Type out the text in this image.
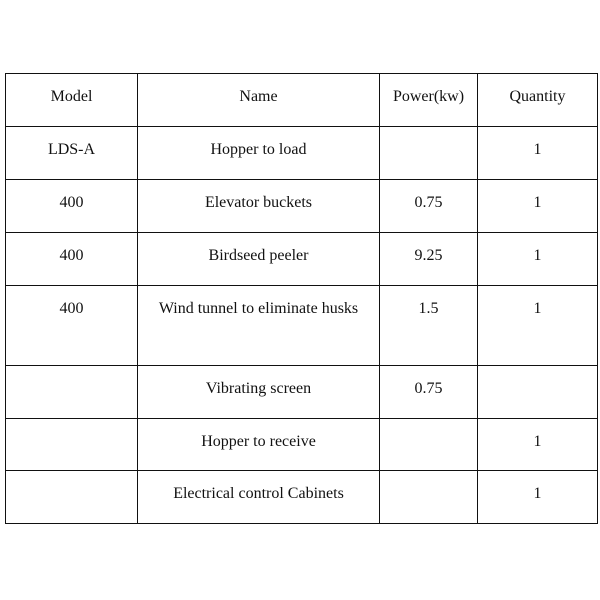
Model	Name	Power(kw)	Quantity
LDS-A	Hopper to load		1
400	Elevator buckets	0.75	1
400	Birdseed peeler	9.25	1
400	Wind tunnel to eliminate husks	1.5	1
	Vibrating screen	0.75	
	Hopper to receive		1
	Electrical control Cabinets		1
